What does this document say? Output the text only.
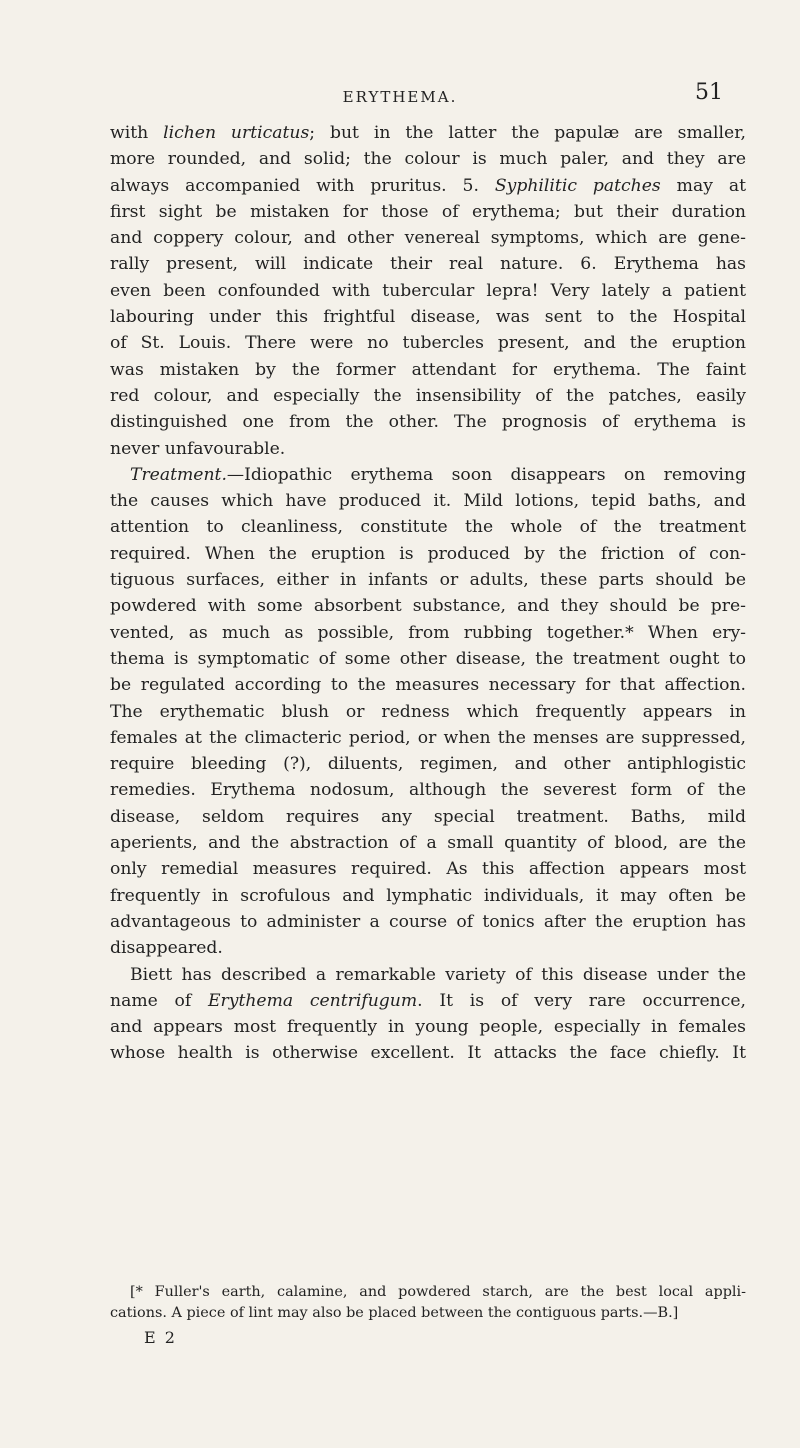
ERYTHEMA.	51
with lichen urticatus; but in the latter the papulæ are smaller,
more rounded, and solid; the colour is much paler, and they are
always accompanied with pruritus. 5. Syphilitic patches may at
first sight be mistaken for those of erythema; but their duration
and coppery colour, and other venereal symptoms, which are gene-
rally present, will indicate their real nature. 6. Erythema has
even been confounded with tubercular lepra! Very lately a patient
labouring under this frightful disease, was sent to the Hospital
of St. Louis. There were no tubercles present, and the eruption
was mistaken by the former attendant for erythema. The faint
red colour, and especially the insensibility of the patches, easily
distinguished one from the other. The prognosis of erythema is
never unfavourable.
Treatment.—Idiopathic erythema soon disappears on removing
the causes which have produced it. Mild lotions, tepid baths, and
attention to cleanliness, constitute the whole of the treatment
required. When the eruption is produced by the friction of con-
tiguous surfaces, either in infants or adults, these parts should be
powdered with some absorbent substance, and they should be pre-
vented, as much as possible, from rubbing together.* When ery-
thema is symptomatic of some other disease, the treatment ought to
be regulated according to the measures necessary for that affection.
The erythematic blush or redness which frequently appears in
females at the climacteric period, or when the menses are suppressed,
require bleeding (?), diluents, regimen, and other antiphlogistic
remedies. Erythema nodosum, although the severest form of the
disease, seldom requires any special treatment. Baths, mild
aperients, and the abstraction of a small quantity of blood, are the
only remedial measures required. As this affection appears most
frequently in scrofulous and lymphatic individuals, it may often be
advantageous to administer a course of tonics after the eruption has
disappeared.
Biett has described a remarkable variety of this disease under the
name of Erythema centrifugum. It is of very rare occurrence,
and appears most frequently in young people, especially in females
whose health is otherwise excellent. It attacks the face chiefly. It
[* Fuller's earth, calamine, and powdered starch, are the best local appli-
cations. A piece of lint may also be placed between the contiguous parts.—B.]
E 2
